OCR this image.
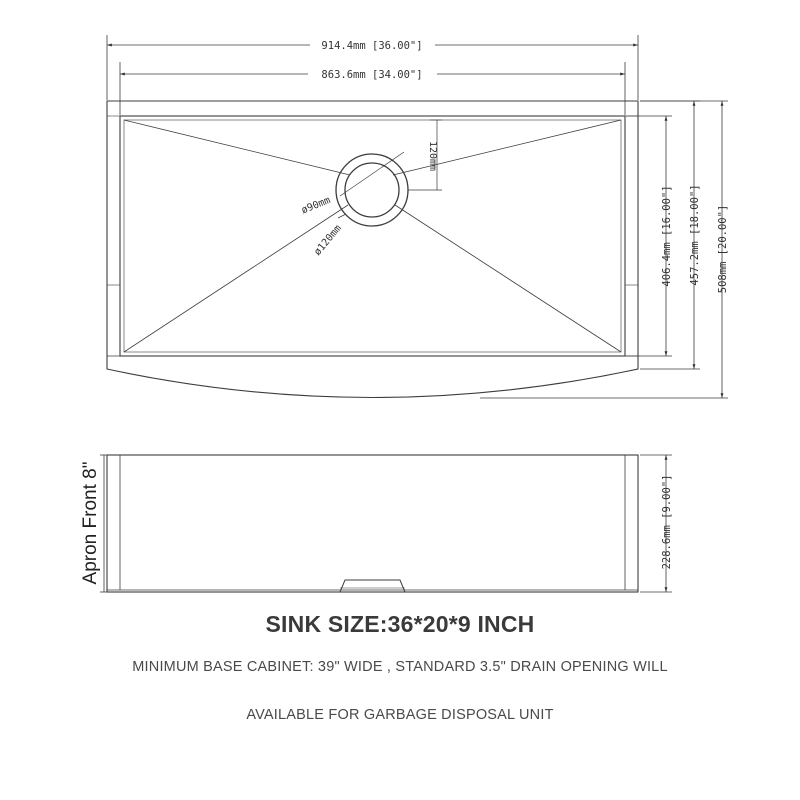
914.4mm [36.00"]
863.6mm [34.00"]
406.4mm [16.00"] 457.2mm [18.00"] 508mm [20.00"]
120mm
ø90mm
ø120mm
228.6mm [9.00"]
Apron Front 8"
SINK SIZE:36*20*9 INCH
MINIMUM BASE CABINET: 39" WIDE , STANDARD 3.5" DRAIN OPENING WILL
AVAILABLE FOR GARBAGE DISPOSAL UNIT
